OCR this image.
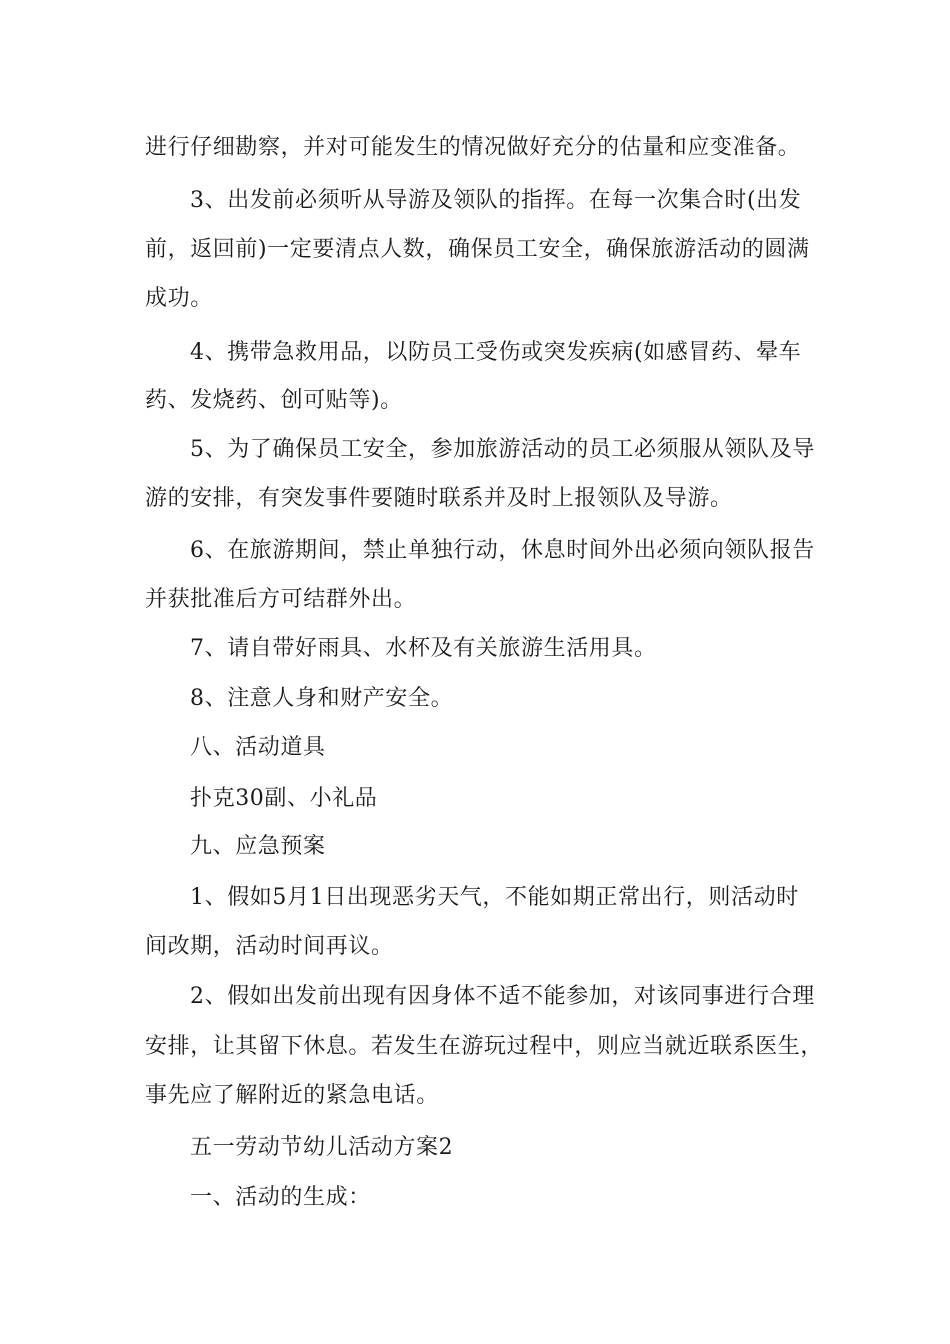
进行仔细勘察，并对可能发生的情况做好充分的估量和应变准备。
3、出发前必须听从导游及领队的指挥。在每一次集合时(出发
前，返回前)一定要清点人数，确保员工安全，确保旅游活动的圆满
成功。
4、携带急救用品，以防员工受伤或突发疾病(如感冒药、晕车
药、发烧药、创可贴等)。
5、为了确保员工安全，参加旅游活动的员工必须服从领队及导
游的安排，有突发事件要随时联系并及时上报领队及导游。
6、在旅游期间，禁止单独行动，休息时间外出必须向领队报告
并获批准后方可结群外出。
7、请自带好雨具、水杯及有关旅游生活用具。
8、注意人身和财产安全。
八、活动道具
扑克30副、小礼品
九、应急预案
1、假如5月1日出现恶劣天气，不能如期正常出行，则活动时
间改期，活动时间再议。
2、假如出发前出现有因身体不适不能参加，对该同事进行合理
安排，让其留下休息。若发生在游玩过程中，则应当就近联系医生，
事先应了解附近的紧急电话。
五一劳动节幼儿活动方案2
一、活动的生成：
